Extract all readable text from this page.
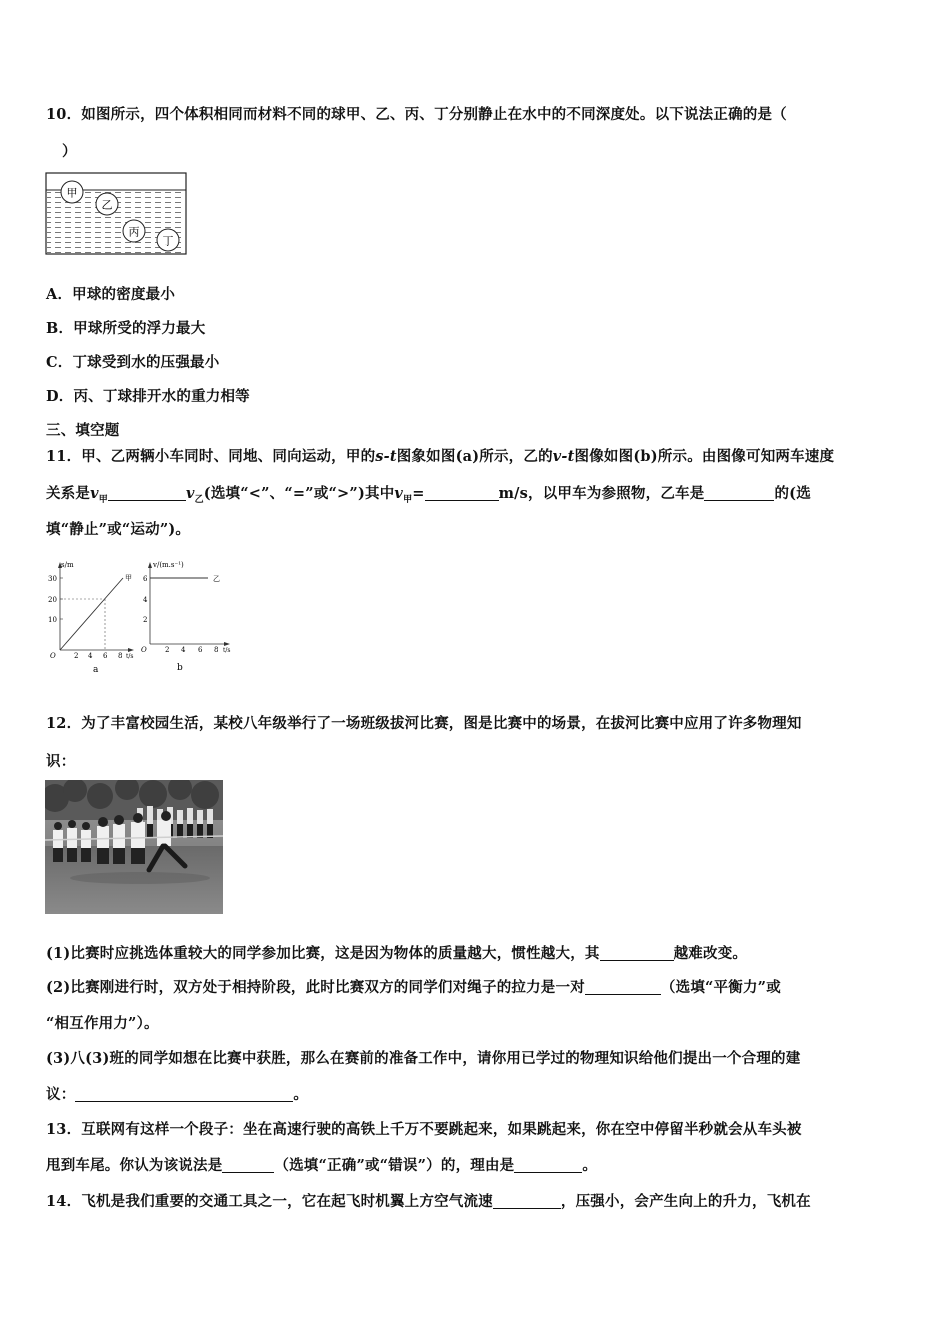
10．如图所示，四个体积相同而材料不同的球甲、乙、丙、丁分别静止在水中的不同深度处。以下说法正确的是（
）
甲
乙
丙
丁
A．甲球的密度最小
B．甲球所受的浮力最大
C．丁球受到水的压强最小
D．丙、丁球排开水的重力相等
三、填空题
11．甲、乙两辆小车同时、同地、同向运动，甲的s-t图象如图(a)所示，乙的v-t图像如图(b)所示。由图像可知两车速度
关系是$v_甲$	$v_乙$(选填“<”、“=”或“>”)其中$v_甲=$	m/s，以甲车为参照物，乙车是	的(选
填“静止”或“运动”)。
s/m
30
20
10
O	2 4 6 8 t/s
甲
a
v/(m.s⁻¹)
6
4
2
O	2 4 6 8 t/s
乙
b
12．为了丰富校园生活，某校八年级举行了一场班级拔河比赛，图是比赛中的场景，在拔河比赛中应用了许多物理知
识：
(1)比赛时应挑选体重较大的同学参加比赛，这是因为物体的质量越大，惯性越大，其	越难改变。
(2)比赛刚进行时，双方处于相持阶段，此时比赛双方的同学们对绳子的拉力是一对	（选填“平衡力”或
“相互作用力”）。
(3)八(3)班的同学如想在比赛中获胜，那么在赛前的准备工作中，请你用已学过的物理知识给他们提出一个合理的建
议：	。
13．互联网有这样一个段子：坐在高速行驶的高铁上千万不要跳起来，如果跳起来，你在空中停留半秒就会从车头被
甩到车尾。你认为该说法是	（选填“正确”或“错误”）的，理由是	。
14．飞机是我们重要的交通工具之一，它在起飞时机翼上方空气流速	，压强小，会产生向上的升力，飞机在
